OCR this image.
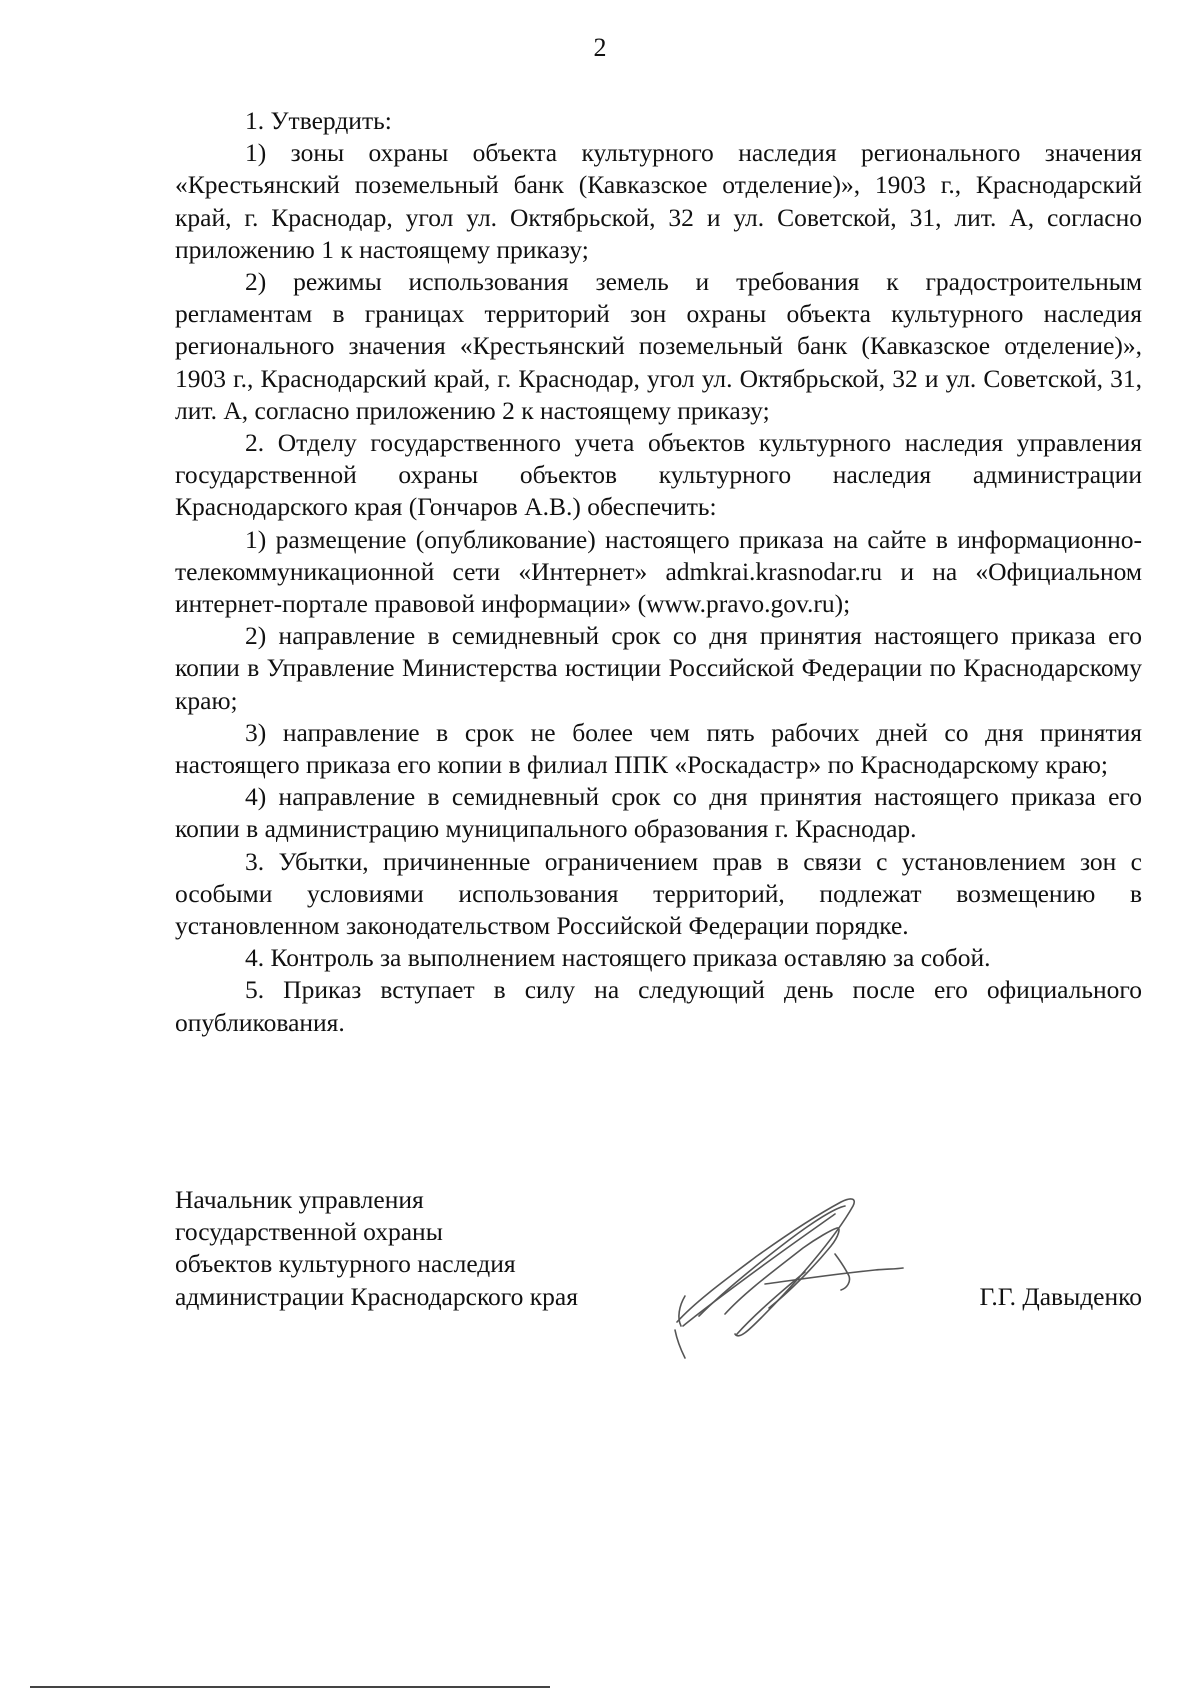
2

1. Утвердить:

1) зоны охраны объекта культурного наследия регионального значения «Крестьянский поземельный банк (Кавказское отделение)», 1903 г., Краснодарский край, г. Краснодар, угол ул. Октябрьской, 32 и ул. Советской, 31, лит. А, согласно приложению 1 к настоящему приказу;

2) режимы использования земель и требования к градостроительным регламентам в границах территорий зон охраны объекта культурного наследия регионального значения «Крестьянский поземельный банк (Кавказское отделение)», 1903 г., Краснодарский край, г. Краснодар, угол ул. Октябрьской, 32 и ул. Советской, 31, лит. А, согласно приложению 2 к настоящему приказу;

2. Отделу государственного учета объектов культурного наследия управления государственной охраны объектов культурного наследия администрации Краснодарского края (Гончаров А.В.) обеспечить:

1) размещение (опубликование) настоящего приказа на сайте в информационно-телекоммуникационной сети «Интернет» admkrai.krasnodar.ru и на «Официальном интернет-портале правовой информации» (www.pravo.gov.ru);

2) направление в семидневный срок со дня принятия настоящего приказа его копии в Управление Министерства юстиции Российской Федерации по Краснодарскому краю;

3) направление в срок не более чем пять рабочих дней со дня принятия настоящего приказа его копии в филиал ППК «Роскадастр» по Краснодарскому краю;

4) направление в семидневный срок со дня принятия настоящего приказа его копии в администрацию муниципального образования г. Краснодар.

3. Убытки, причиненные ограничением прав в связи с установлением зон с особыми условиями использования территорий, подлежат возмещению в установленном законодательством Российской Федерации порядке.

4. Контроль за выполнением настоящего приказа оставляю за собой.

5. Приказ вступает в силу на следующий день после его официального опубликования.

Начальник управления
государственной охраны
объектов культурного наследия
администрации Краснодарского края	Г.Г. Давыденко
